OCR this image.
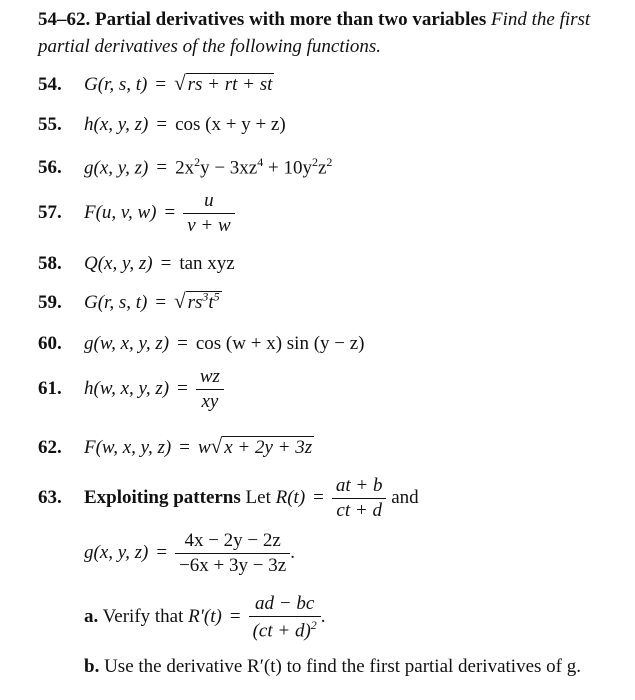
54–62. Partial derivatives with more than two variables Find the first partial derivatives of the following functions.
54. G(r, s, t) = √ rs + rt + st
55. h(x, y, z) = cos (x + y + z)
56. g(x, y, $z) = 2x^2y - 3xz^4 + 10y^2z^2$
57. F(u, v, $w) = \frac{u}{v + w}$
58. Q(x, y, z) = tan xyz
59. G(r, s, t) = √ $rs^3t^5$
60. g(w, x, y, z) = cos (w + x) sin (y − z)
61. h(w, x, y, $z) = \frac{wz}{xy}$
62. F(w, x, y, z) = w√ x + 2y + 3z
63. Exploiting patterns Let $R(t) = \frac{at + b}{ct + d}$ and
g(x, y, $z) = \frac{4x - 2y - 2z}{-6x + 3y - 3z}$ .
a. Verify that $R'(t) = \frac{ad - bc}{(ct + d)^2}$ .
b. Use the derivative R′(t) to find the first partial derivatives of g.
